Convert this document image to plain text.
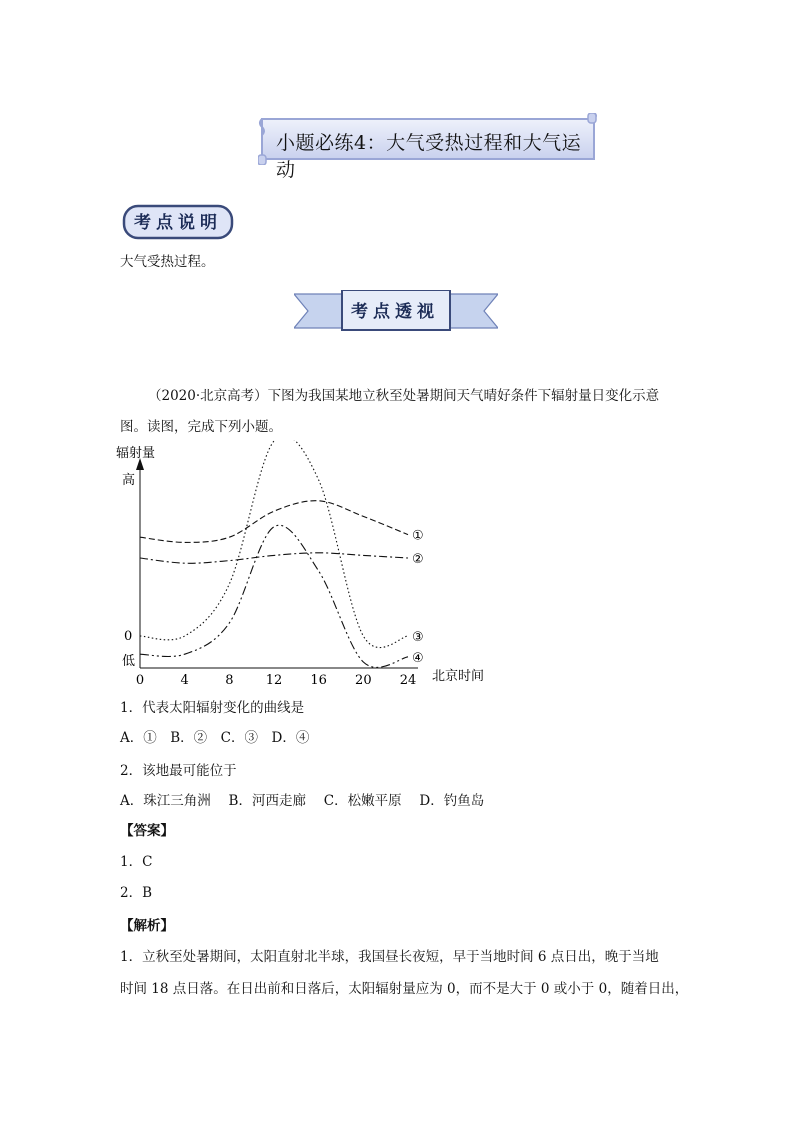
小题必练4：大气受热过程和大气运动
考点说明
大气受热过程。
考点透视
（2020·北京高考）下图为我国某地立秋至处暑期间天气晴好条件下辐射量日变化示意
图。读图，完成下列小题。
辐射量
高
0
低
0	4	8 12 16 20 24 北京时间
①
②
③
④
1．代表太阳辐射变化的曲线是
A．①　B．②　C．③　D．④
2．该地最可能位于
A．珠江三角洲　 B．河西走廊　 C．松嫩平原　 D．钓鱼岛
【答案】
1．C
2．B
【解析】
1．立秋至处暑期间，太阳直射北半球，我国昼长夜短，早于当地时间 6 点日出，晚于当地
时间 18 点日落。在日出前和日落后，太阳辐射量应为 0，而不是大于 0 或小于 0，随着日出，
